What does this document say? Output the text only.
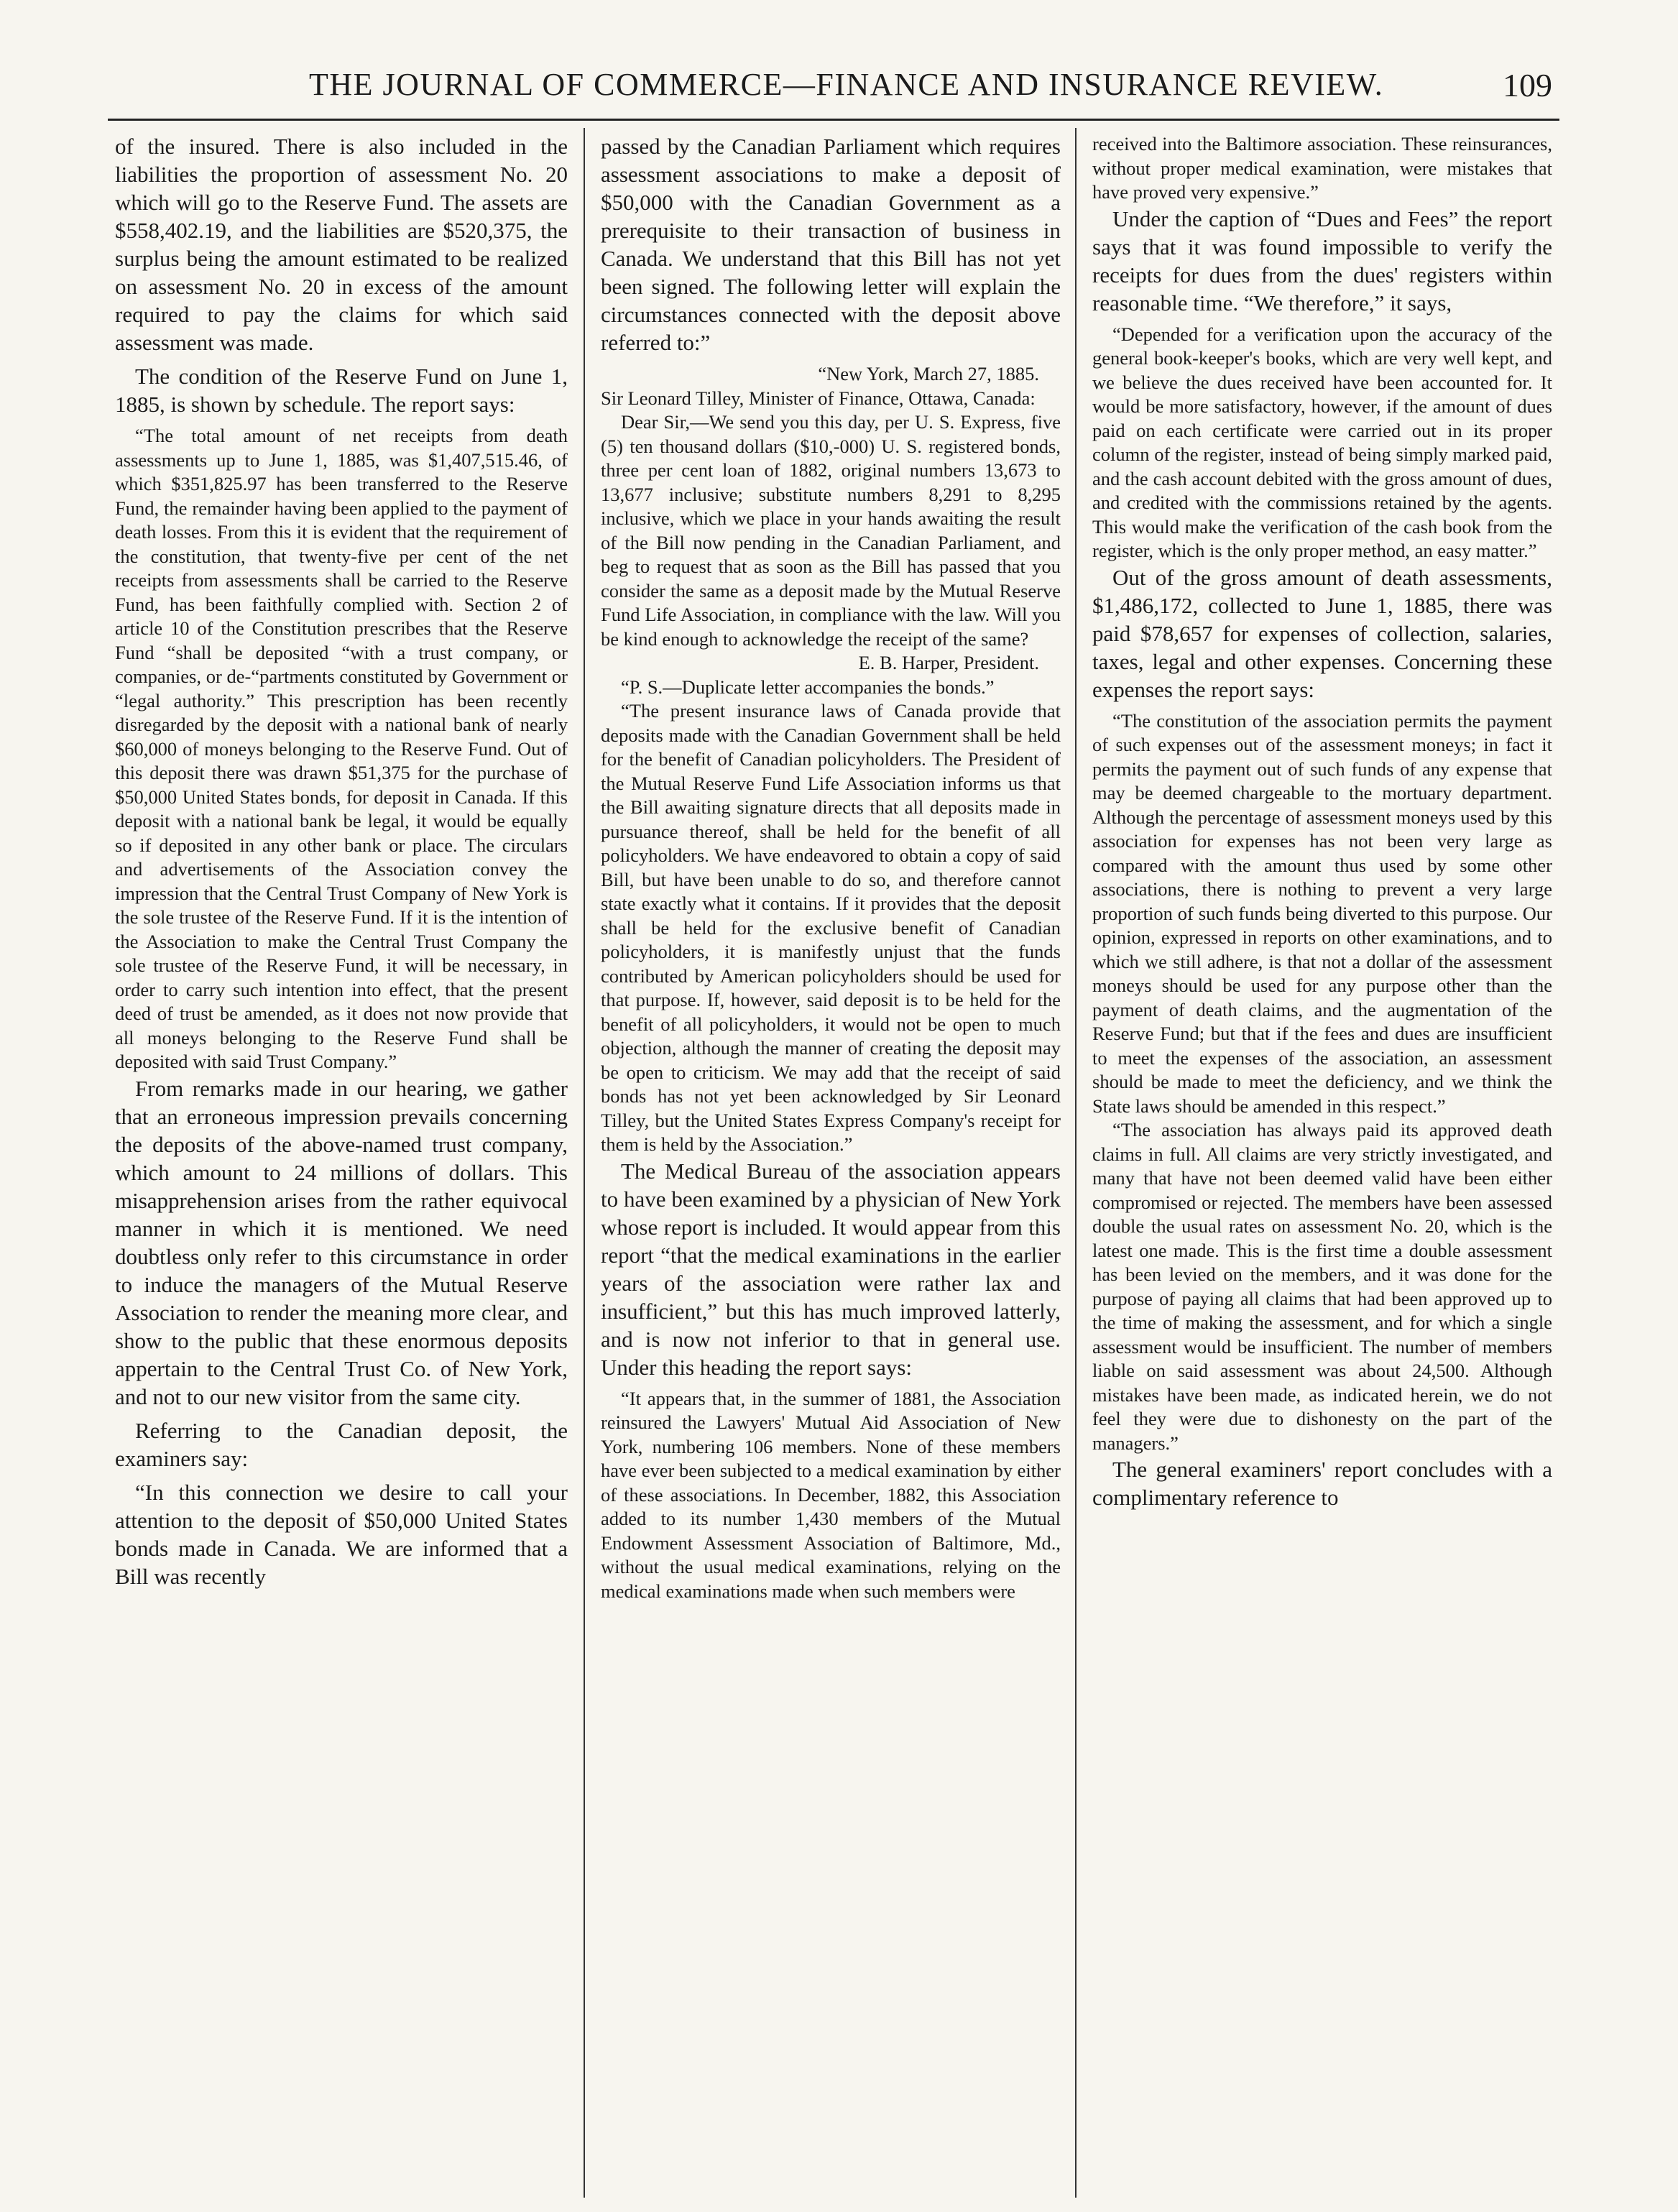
THE JOURNAL OF COMMERCE—FINANCE AND INSURANCE REVIEW.	109

of the insured. There is also included in the liabilities the proportion of assessment No. 20 which will go to the Reserve Fund. The assets are $558,402.19, and the liabilities are $520,375, the surplus being the amount estimated to be realized on assessment No. 20 in excess of the amount required to pay the claims for which said assessment was made.

The condition of the Reserve Fund on June 1, 1885, is shown by schedule. The report says:

“The total amount of net receipts from death assessments up to June 1, 1885, was $1,407,515.46, of which $351,825.97 has been transferred to the Reserve Fund, the remainder having been applied to the payment of death losses. From this it is evident that the requirement of the constitution, that twenty-five per cent of the net receipts from assessments shall be carried to the Reserve Fund, has been faithfully complied with. Section 2 of article 10 of the Constitution prescribes that the Reserve Fund “shall be deposited “with a trust company, or companies, or de-“partments constituted by Government or “legal authority.” This prescription has been recently disregarded by the deposit with a national bank of nearly $60,000 of moneys belonging to the Reserve Fund. Out of this deposit there was drawn $51,375 for the purchase of $50,000 United States bonds, for deposit in Canada. If this deposit with a national bank be legal, it would be equally so if deposited in any other bank or place. The circulars and advertisements of the Association convey the impression that the Central Trust Company of New York is the sole trustee of the Reserve Fund. If it is the intention of the Association to make the Central Trust Company the sole trustee of the Reserve Fund, it will be necessary, in order to carry such intention into effect, that the present deed of trust be amended, as it does not now provide that all moneys belonging to the Reserve Fund shall be deposited with said Trust Company.”

From remarks made in our hearing, we gather that an erroneous impression prevails concerning the deposits of the above-named trust company, which amount to 24 millions of dollars. This misapprehension arises from the rather equivocal manner in which it is mentioned. We need doubtless only refer to this circumstance in order to induce the managers of the Mutual Reserve Association to render the meaning more clear, and show to the public that these enormous deposits appertain to the Central Trust Co. of New York, and not to our new visitor from the same city.

Referring to the Canadian deposit, the examiners say:

“In this connection we desire to call your attention to the deposit of $50,000 United States bonds made in Canada. We are informed that a Bill was recently

passed by the Canadian Parliament which requires assessment associations to make a deposit of $50,000 with the Canadian Government as a prerequisite to their transaction of business in Canada. We understand that this Bill has not yet been signed. The following letter will explain the circumstances connected with the deposit above referred to:”

“New York, March 27, 1885.

Sir Leonard Tilley, Minister of Finance, Ottawa, Canada:

Dear Sir,—We send you this day, per U. S. Express, five (5) ten thousand dollars ($10,-000) U. S. registered bonds, three per cent loan of 1882, original numbers 13,673 to 13,677 inclusive; substitute numbers 8,291 to 8,295 inclusive, which we place in your hands awaiting the result of the Bill now pending in the Canadian Parliament, and beg to request that as soon as the Bill has passed that you consider the same as a deposit made by the Mutual Reserve Fund Life Association, in compliance with the law. Will you be kind enough to acknowledge the receipt of the same?

E. B. Harper, President.

“P. S.—Duplicate letter accompanies the bonds.”

“The present insurance laws of Canada provide that deposits made with the Canadian Government shall be held for the benefit of Canadian policyholders. The President of the Mutual Reserve Fund Life Association informs us that the Bill awaiting signature directs that all deposits made in pursuance thereof, shall be held for the benefit of all policyholders. We have endeavored to obtain a copy of said Bill, but have been unable to do so, and therefore cannot state exactly what it contains. If it provides that the deposit shall be held for the exclusive benefit of Canadian policyholders, it is manifestly unjust that the funds contributed by American policyholders should be used for that purpose. If, however, said deposit is to be held for the benefit of all policyholders, it would not be open to much objection, although the manner of creating the deposit may be open to criticism. We may add that the receipt of said bonds has not yet been acknowledged by Sir Leonard Tilley, but the United States Express Company's receipt for them is held by the Association.”

The Medical Bureau of the association appears to have been examined by a physician of New York whose report is included. It would appear from this report “that the medical examinations in the earlier years of the association were rather lax and insufficient,” but this has much improved latterly, and is now not inferior to that in general use. Under this heading the report says:

“It appears that, in the summer of 1881, the Association reinsured the Lawyers' Mutual Aid Association of New York, numbering 106 members. None of these members have ever been subjected to a medical examination by either of these associations. In December, 1882, this Association added to its number 1,430 members of the Mutual Endowment Assessment Association of Baltimore, Md., without the usual medical examinations, relying on the medical examinations made when such members were

received into the Baltimore association. These reinsurances, without proper medical examination, were mistakes that have proved very expensive.”

Under the caption of “Dues and Fees” the report says that it was found impossible to verify the receipts for dues from the dues' registers within reasonable time. “We therefore,” it says,

“Depended for a verification upon the accuracy of the general book-keeper's books, which are very well kept, and we believe the dues received have been accounted for. It would be more satisfactory, however, if the amount of dues paid on each certificate were carried out in its proper column of the register, instead of being simply marked paid, and the cash account debited with the gross amount of dues, and credited with the commissions retained by the agents. This would make the verification of the cash book from the register, which is the only proper method, an easy matter.”

Out of the gross amount of death assessments, $1,486,172, collected to June 1, 1885, there was paid $78,657 for expenses of collection, salaries, taxes, legal and other expenses. Concerning these expenses the report says:

“The constitution of the association permits the payment of such expenses out of the assessment moneys; in fact it permits the payment out of such funds of any expense that may be deemed chargeable to the mortuary department. Although the percentage of assessment moneys used by this association for expenses has not been very large as compared with the amount thus used by some other associations, there is nothing to prevent a very large proportion of such funds being diverted to this purpose. Our opinion, expressed in reports on other examinations, and to which we still adhere, is that not a dollar of the assessment moneys should be used for any purpose other than the payment of death claims, and the augmentation of the Reserve Fund; but that if the fees and dues are insufficient to meet the expenses of the association, an assessment should be made to meet the deficiency, and we think the State laws should be amended in this respect.”

“The association has always paid its approved death claims in full. All claims are very strictly investigated, and many that have not been deemed valid have been either compromised or rejected. The members have been assessed double the usual rates on assessment No. 20, which is the latest one made. This is the first time a double assessment has been levied on the members, and it was done for the purpose of paying all claims that had been approved up to the time of making the assessment, and for which a single assessment would be insufficient. The number of members liable on said assessment was about 24,500. Although mistakes have been made, as indicated herein, we do not feel they were due to dishonesty on the part of the managers.”

The general examiners' report concludes with a complimentary reference to
